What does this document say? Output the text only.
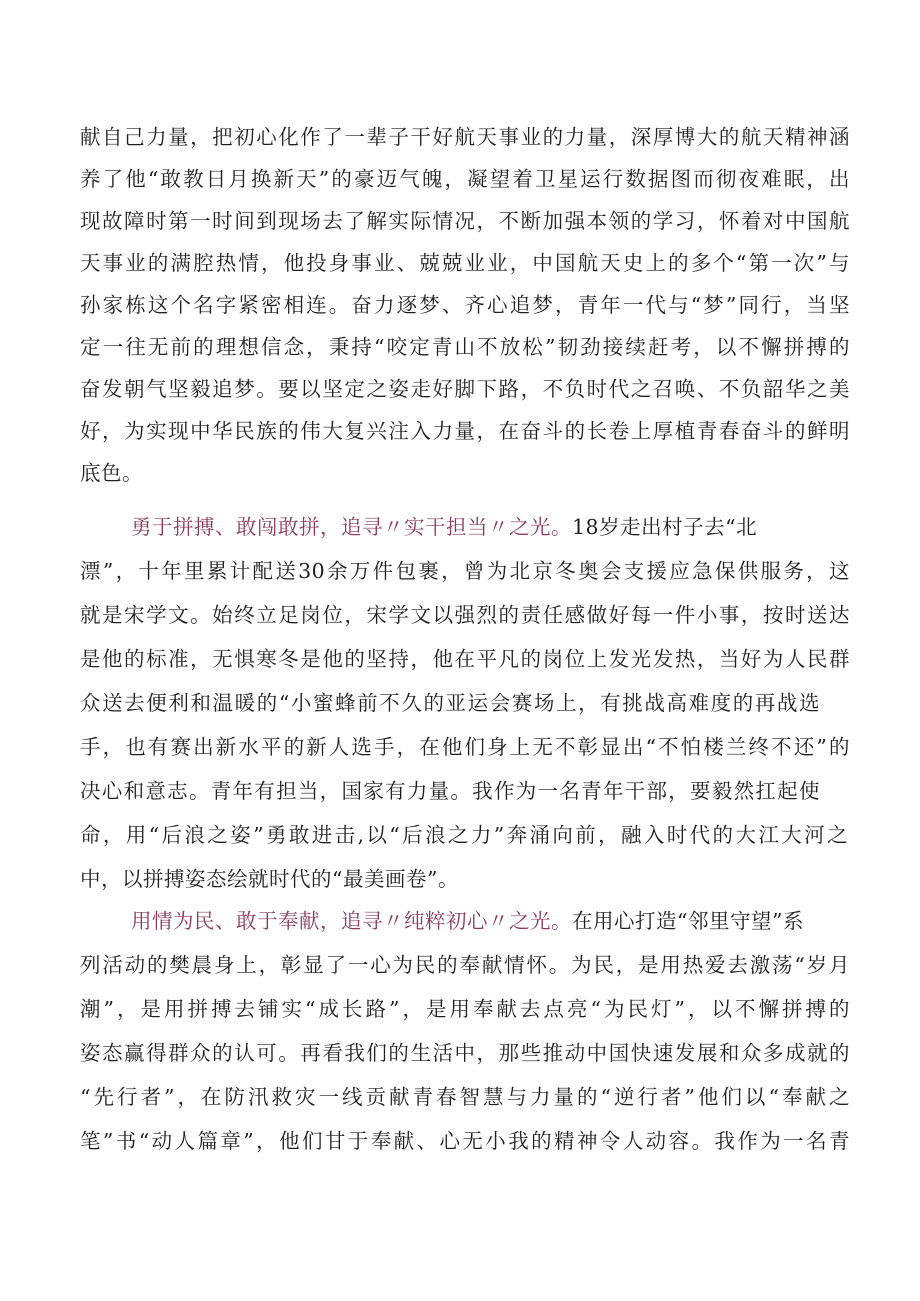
献自己力量，把初心化作了一辈子干好航天事业的力量，深厚博大的航天精神涵
养了他“敢教日月换新天”的豪迈气魄，凝望着卫星运行数据图而彻夜难眠，出
现故障时第一时间到现场去了解实际情况，不断加强本领的学习，怀着对中国航
天事业的满腔热情，他投身事业、兢兢业业，中国航天史上的多个“第一次”与
孙家栋这个名字紧密相连。奋力逐梦、齐心追梦，青年一代与“梦”同行，当坚
定一往无前的理想信念，秉持“咬定青山不放松”韧劲接续赶考，以不懈拼搏的
奋发朝气坚毅追梦。要以坚定之姿走好脚下路，不负时代之召唤、不负韶华之美
好，为实现中华民族的伟大复兴注入力量，在奋斗的长卷上厚植青春奋斗的鲜明
底色。
勇于拼搏、敢闯敢拼，追寻〃实干担当〃之光。18岁走出村子去“北
漂”，十年里累计配送30余万件包裹，曾为北京冬奥会支援应急保供服务，这
就是宋学文。始终立足岗位，宋学文以强烈的责任感做好每一件小事，按时送达
是他的标准，无惧寒冬是他的坚持，他在平凡的岗位上发光发热，当好为人民群
众送去便利和温暖的“小蜜蜂前不久的亚运会赛场上，有挑战高难度的再战选
手，也有赛出新水平的新人选手，在他们身上无不彰显出“不怕楼兰终不还”的
决心和意志。青年有担当，国家有力量。我作为一名青年干部，要毅然扛起使
命，用“后浪之姿”勇敢进击,以“后浪之力”奔涌向前，融入时代的大江大河之
中，以拼搏姿态绘就时代的“最美画卷”。
用情为民、敢于奉献，追寻〃纯粹初心〃之光。在用心打造“邻里守望”系
列活动的樊晨身上，彰显了一心为民的奉献情怀。为民，是用热爱去激荡“岁月
潮”，是用拼搏去铺实“成长路”，是用奉献去点亮“为民灯”，以不懈拼搏的
姿态赢得群众的认可。再看我们的生活中，那些推动中国快速发展和众多成就的
“先行者”，在防汛救灾一线贡献青春智慧与力量的“逆行者”他们以“奉献之
笔”书“动人篇章”，他们甘于奉献、心无小我的精神令人动容。我作为一名青
